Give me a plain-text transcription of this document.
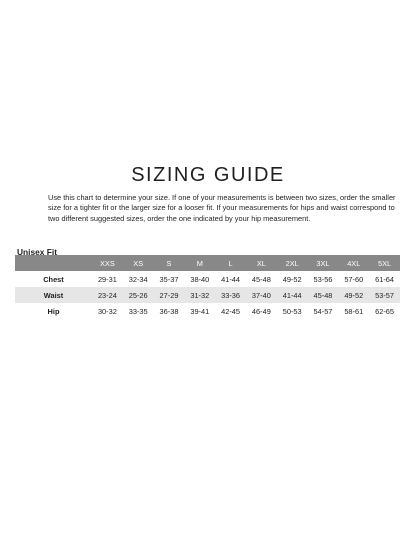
SIZING GUIDE

Use this chart to determine your size. If one of your measurements is between two sizes, order the smaller size for a tighter fit or the larger size for a looser fit. If your measurements for hips and waist correspond to two different suggested sizes, order the one indicated by your hip measurement.

Unisex Fit

	XXS	XS	S	M	L	XL	2XL	3XL	4XL	5XL
Chest	29-31	32-34	35-37	38-40	41-44	45-48	49-52	53-56	57-60	61-64
Waist	23-24	25-26	27-29	31-32	33-36	37-40	41-44	45-48	49-52	53-57
Hip	30-32	33-35	36-38	39-41	42-45	46-49	50-53	54-57	58-61	62-65
